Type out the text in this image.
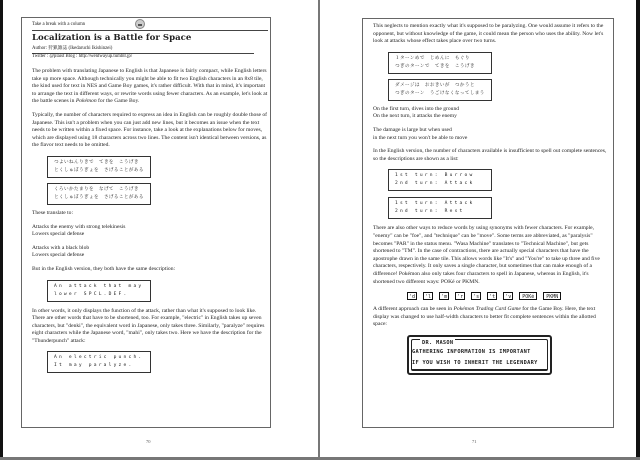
Take a break with a column
Localization is a Battle for Space
Author: 狩猟雑誌 (Ikedaruchi Ikishinzei)
Twitter : @plaist Blog : http://wentwayup.tumblr.jp/

The problem with translating Japanese to English is that Japanese is fairly compact, while English letters take up more space. Although technically you might be able to fit two English characters in an 8x8 tile, the kind used for text in NES and Game Boy games, it's rather difficult. With that in mind, it's important to arrange the text in different ways, or rewrite words using fewer characters. As an example, let's look at the battle scenes in Pokémon for the Game Boy.

Typically, the number of characters required to express an idea in English can be roughly double those of Japanese. This isn't a problem when you can just add new lines, but it becomes an issue when the text needs to be written within a fixed space. For instance, take a look at the explanations below for moves, which are displayed using 18 characters across two lines. The content isn't identical between versions, as the flavor text needs to be omitted.

つよいねんりきで　てきを　こうげき
とくしゅぼうぎょを　さげることがある
くろいかたまりを　なげて　こうげき
とくしゅぼうぎょを　さげることがある

These translate to:

Attacks the enemy with strong telekinesis
Lowers special defense
Attacks with a black blob
Lowers special defense

But in the English version, they both have the same description:

An attack that may
lower SPCL.DEF.

In other words, it only displays the function of the attack, rather than what it's supposed to look like. There are other words that have to be shortened, too. For example, "electric" in English takes up seven characters, but "denki", the equivalent word in Japanese, only takes three. Similarly, "paralyze" requires eight characters while the Japanese word, "mahi", only takes two. Here we have the description for the "Thunderpunch" attack:

An electric punch.
It may paralyze.
70

This neglects to mention exactly what it's supposed to be paralyzing. One would assume it refers to the opponent, but without knowledge of the game, it could mean the person who uses the ability. Now let's look at attacks whose effect takes place over two turns.

１ターンめで　じめんに　もぐり
つぎのターンで　てきを　こうげき
ダメージは　おおきいが　つかうと
つぎのターン　うごけなくなってしまう
On the first turn, dives into the ground
On the next turn, it attacks the enemy
The damage is large but when used
in the next turn you won't be able to move

In the English version, the number of characters available is insufficient to spell out complete sentences, so the descriptions are shown as a list:

1st turn: Burrow
2nd turn: Attack
1st turn: Attack
2nd turn: Rest

There are also other ways to reduce words by using synonyms with fewer characters. For example, "enemy" can be "foe", and "technique" can be "move". Some terms are abbreviated, as "paralysis" becomes "PAR" in the status menu. "Wasa Machine" translates to "Technical Machine", but gets shortened to "TM". In the case of contractions, there are actually special characters that have the apostrophe drawn in the same tile. This allows words like "It's" and "You're" to take up three and five characters, respectively. It only saves a single character, but sometimes that can make enough of a difference! Pokémon also only takes four characters to spell in Japanese, whereas in English, it's shortened two different ways: POKé or PKMN.

'd	'l	'm	'r	's	't	'v	POKé	PKMN

A different approach can be seen in Pokémon Trading Card Game for the Game Boy. Here, the text display was changed to use half-width characters to better fit complete sentences within the allotted space:

DR. MASON
GATHERING INFORMATION IS IMPORTANT
IF YOU WISH TO INHERIT THE LEGENDARY
71
